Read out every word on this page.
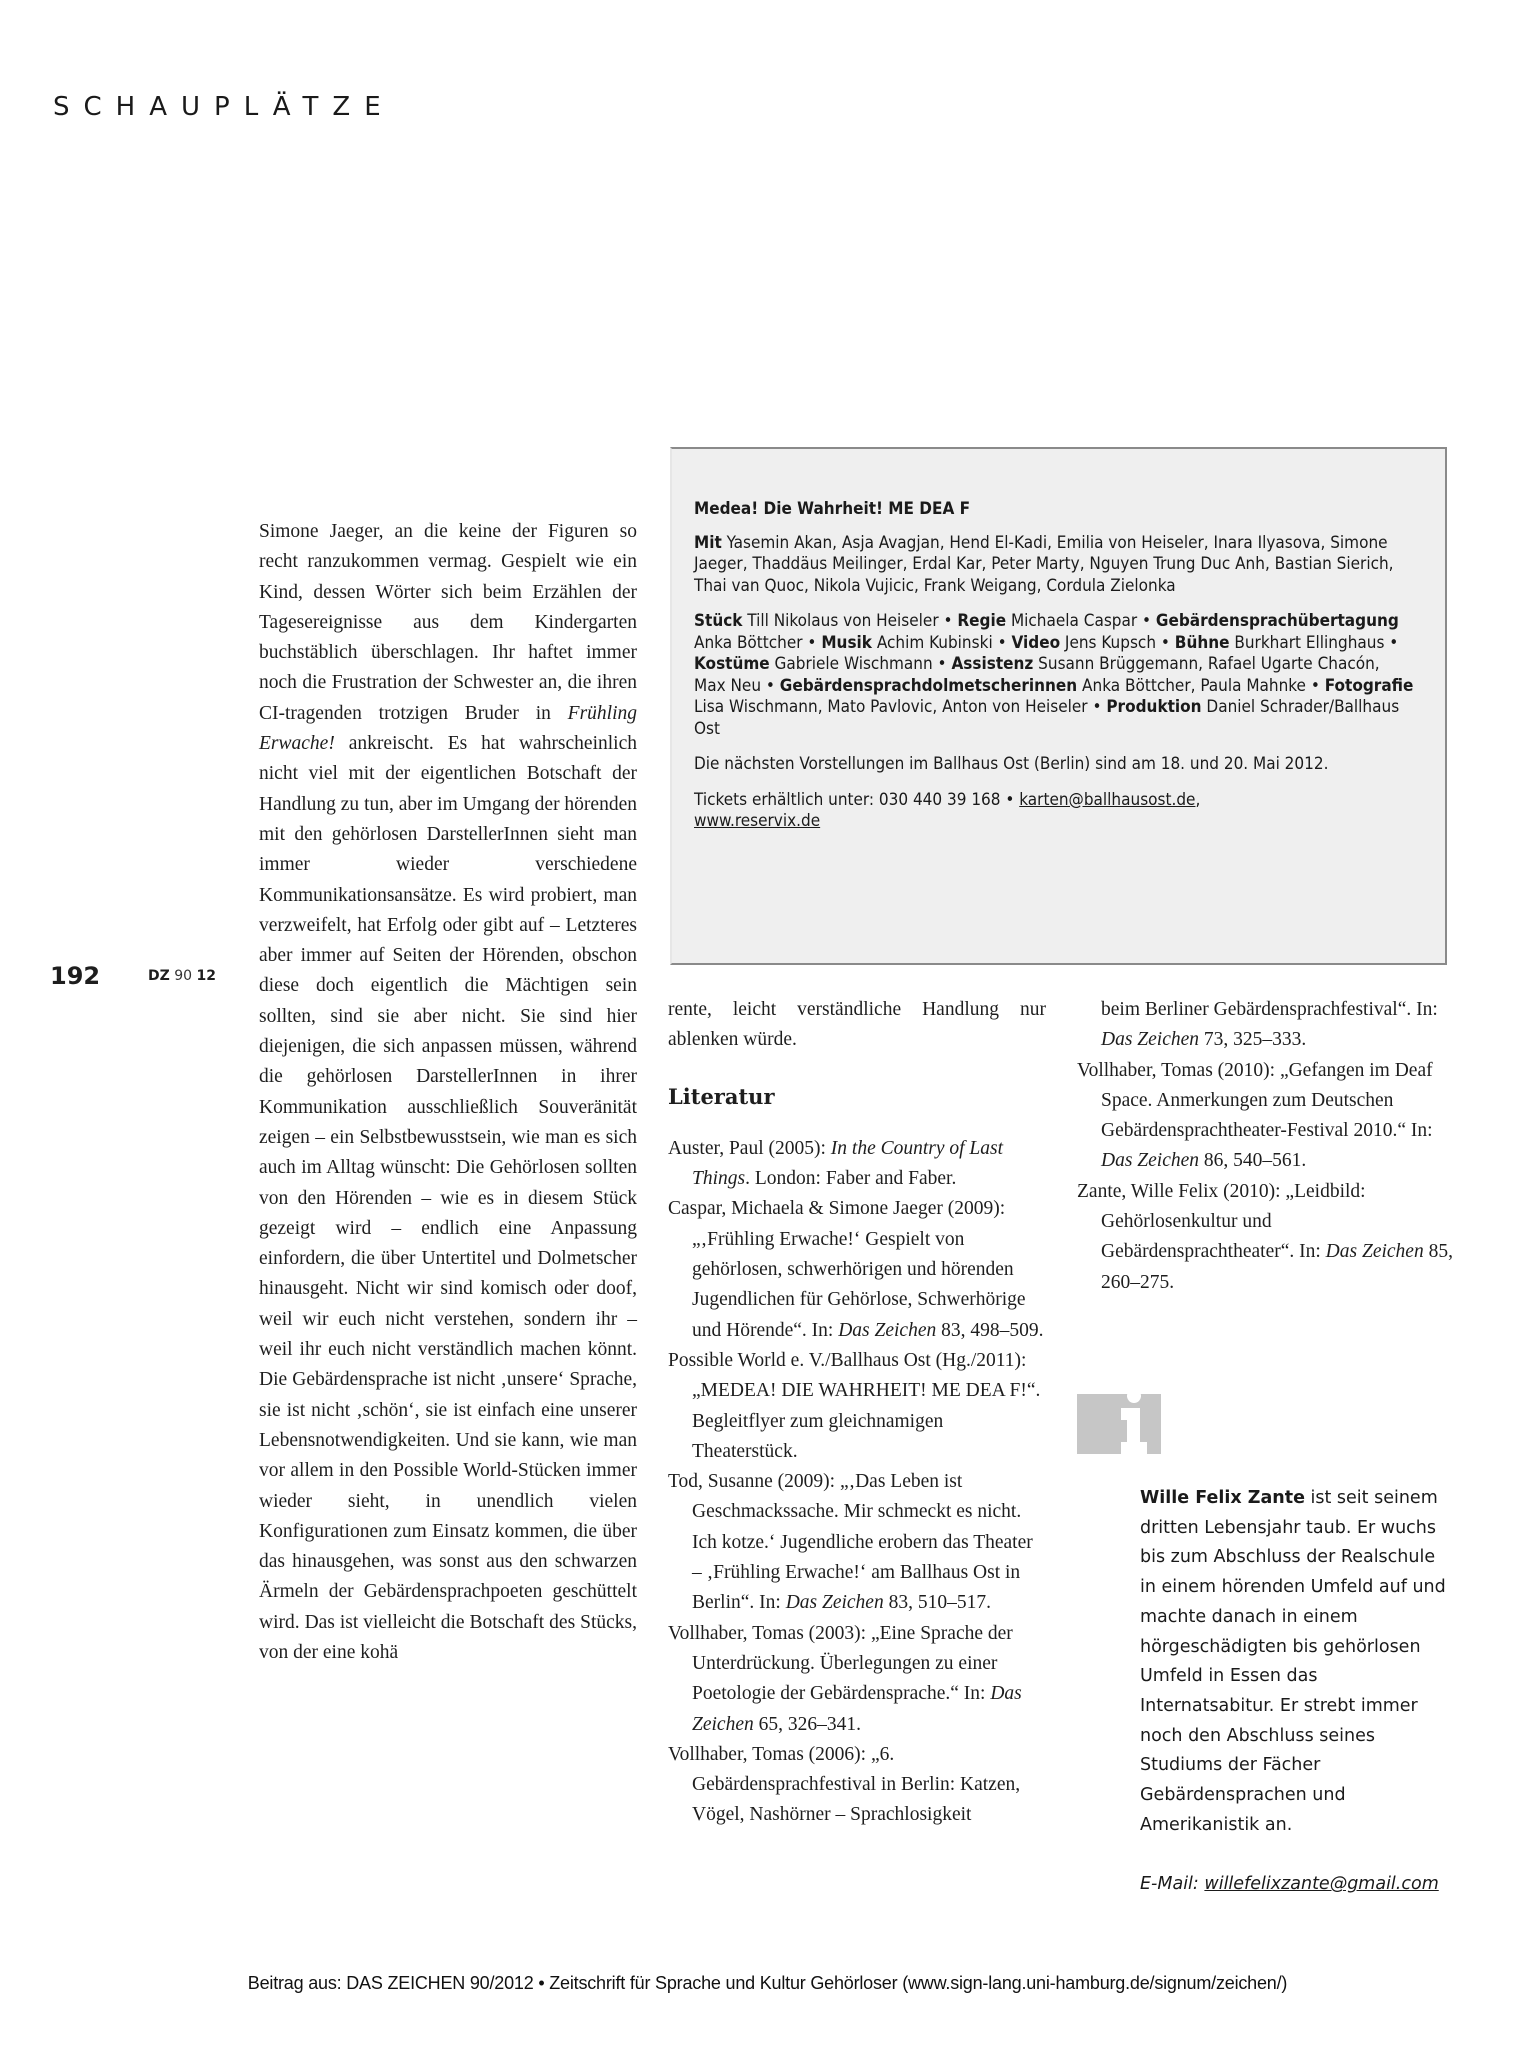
SCHAUPLÄTZE
192	DZ 90 12
Medea! Die Wahrheit! ME DEA F

Mit Yasemin Akan, Asja Avagjan, Hend El-Kadi, Emilia von Heiseler, Inara Ilyasova, Simone Jaeger, Thaddäus Meilinger, Erdal Kar, Peter Marty, Nguyen Trung Duc Anh, Bastian Sierich, Thai van Quoc, Nikola Vujicic, Frank Weigang, Cordula Zielonka

Stück Till Nikolaus von Heiseler • Regie Michaela Caspar • Gebärdensprachübertagung Anka Böttcher • Musik Achim Kubinski • Video Jens Kupsch • Bühne Burkhart Ellinghaus • Kostüme Gabriele Wischmann • Assistenz Susann Brüggemann, Rafael Ugarte Chacón, Max Neu • Gebärdensprachdolmetscherinnen Anka Böttcher, Paula Mahnke • Fotografie Lisa Wischmann, Mato Pavlovic, Anton von Heiseler • Produktion Daniel Schrader/Ballhaus Ost

Die nächsten Vorstellungen im Ballhaus Ost (Berlin) sind am 18. und 20. Mai 2012.

Tickets erhältlich unter: 030 440 39 168 • karten@ballhausost.de,
www.reservix.de

Simone Jaeger, an die keine der Figuren so recht ranzukommen vermag. Gespielt wie ein Kind, dessen Wörter sich beim Erzählen der Tagesereignisse aus dem Kindergarten buchstäblich überschlagen. Ihr haftet immer noch die Frustration der Schwester an, die ihren CI-tragenden trotzigen Bruder in Frühling Erwache! ankreischt. Es hat wahrscheinlich nicht viel mit der eigentlichen Botschaft der Handlung zu tun, aber im Umgang der hörenden mit den gehörlosen DarstellerInnen sieht man immer wieder verschiedene Kommunikationsansätze. Es wird probiert, man verzweifelt, hat Erfolg oder gibt auf – Letzteres aber immer auf Seiten der Hörenden, obschon diese doch eigentlich die Mächtigen sein sollten, sind sie aber nicht. Sie sind hier diejenigen, die sich anpassen müssen, während die gehörlosen DarstellerInnen in ihrer Kommunikation ausschließlich Souveränität zeigen – ein Selbstbewusstsein, wie man es sich auch im Alltag wünscht: Die Gehörlosen sollten von den Hörenden – wie es in diesem Stück gezeigt wird – endlich eine Anpassung einfordern, die über Untertitel und Dolmetscher hinausgeht. Nicht wir sind komisch oder doof, weil wir euch nicht verstehen, sondern ihr – weil ihr euch nicht verständlich machen könnt. Die Gebärdensprache ist nicht ‚unsere‘ Sprache, sie ist nicht ‚schön‘, sie ist einfach eine unserer Lebensnotwendigkeiten. Und sie kann, wie man vor allem in den Possible World-Stücken immer wieder sieht, in unendlich vielen Konfigurationen zum Einsatz kommen, die über das hinausgehen, was sonst aus den schwarzen Ärmeln der Gebärdensprachpoeten geschüttelt wird. Das ist vielleicht die Botschaft des Stücks, von der eine kohä

rente, leicht verständliche Handlung nur ablenken würde.

Literatur

Auster, Paul (2005): In the Country of Last Things. London: Faber and Faber.

Caspar, Michaela & Simone Jaeger (2009): „‚Frühling Erwache!‘ Gespielt von gehörlosen, schwerhörigen und hörenden Jugendlichen für Gehörlose, Schwerhörige und Hörende“. In: Das Zeichen 83, 498–509.

Possible World e. V./Ballhaus Ost (Hg./2011): „MEDEA! DIE WAHRHEIT! ME DEA F!“. Begleitflyer zum gleichnamigen Theaterstück.

Tod, Susanne (2009): „‚Das Leben ist Geschmackssache. Mir schmeckt es nicht. Ich kotze.‘ Jugendliche erobern das Theater – ‚Frühling Erwache!‘ am Ballhaus Ost in Berlin“. In: Das Zeichen 83, 510–517.

Vollhaber, Tomas (2003): „Eine Sprache der Unterdrückung. Überlegungen zu einer Poetologie der Gebärdensprache.“ In: Das Zeichen 65, 326–341.

Vollhaber, Tomas (2006): „6. Gebärdensprachfestival in Berlin: Katzen, Vögel, Nashörner – Sprachlosigkeit

beim Berliner Gebärdensprachfestival“. In: Das Zeichen 73, 325–333.

Vollhaber, Tomas (2010): „Gefangen im Deaf Space. Anmerkungen zum Deutschen Gebärdensprachtheater-Festival 2010.“ In: Das Zeichen 86, 540–561.

Zante, Wille Felix (2010): „Leidbild: Gehörlosenkultur und Gebärdensprachtheater“. In: Das Zeichen 85, 260–275.

Wille Felix Zante ist seit seinem dritten Lebensjahr taub. Er wuchs bis zum Abschluss der Realschule in einem hörenden Umfeld auf und machte danach in einem hörgeschädigten bis gehörlosen Umfeld in Essen das Internatsabitur. Er strebt immer noch den Abschluss seines Studiums der Fächer Gebärdensprachen und Amerikanistik an.

E-Mail: willefelixzante@gmail.com

Beitrag aus: DAS ZEICHEN 90/2012 • Zeitschrift für Sprache und Kultur Gehörloser (www.sign-lang.uni-hamburg.de/signum/zeichen/)
